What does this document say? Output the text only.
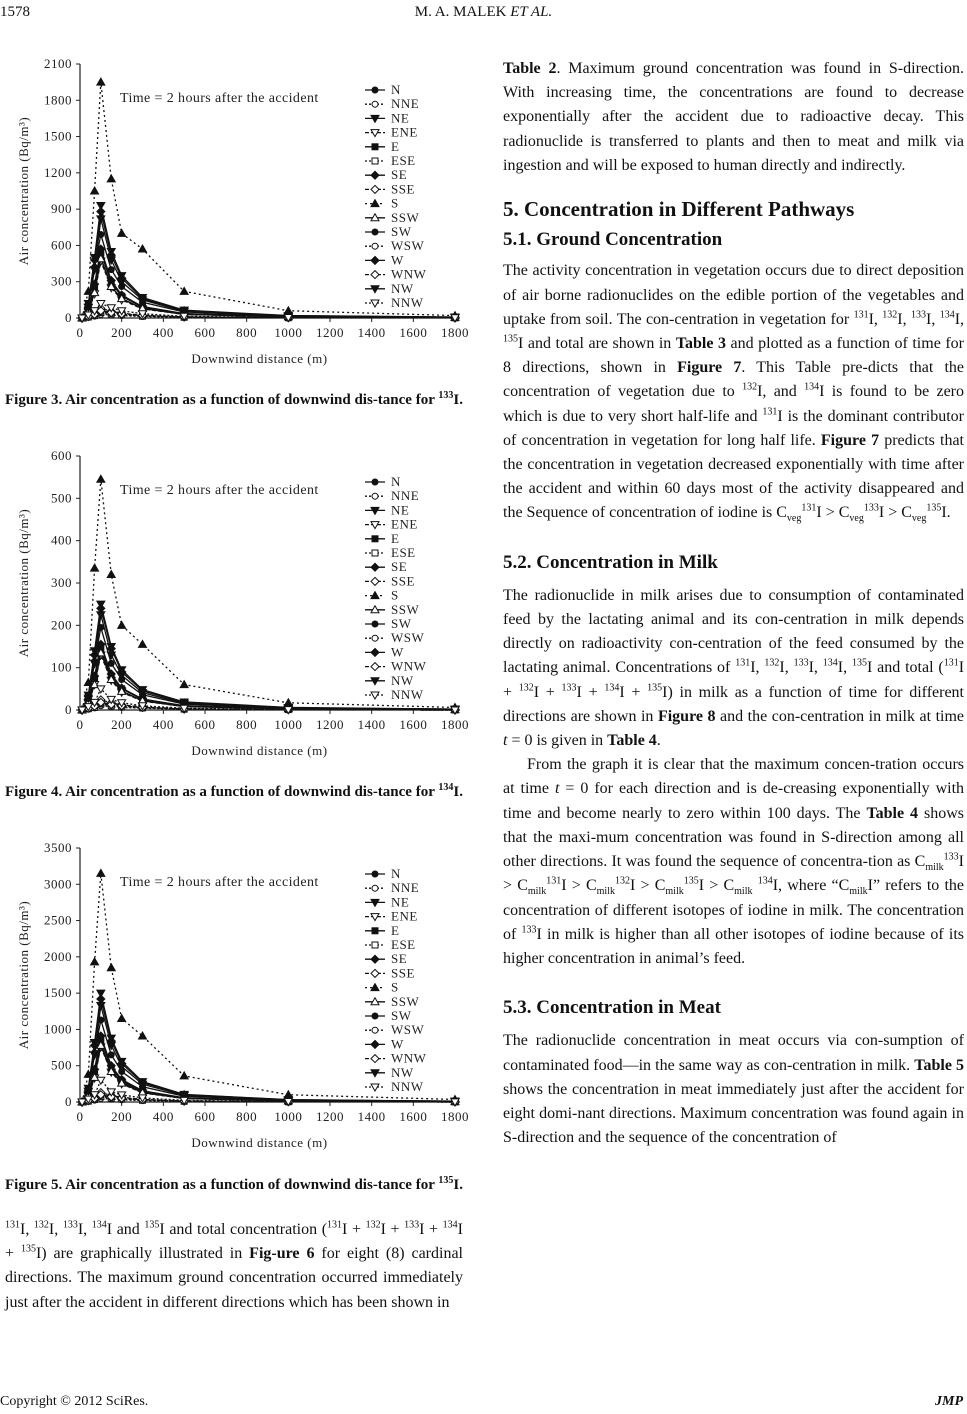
1578	M. A. MALEK ET AL.
0
300
600
900
1200
1500
1800
2100
0 200 400 600 800 1000 1200 1400 1600 1800
Downwind distance (m)
Air concentration (Bq/m³)
Time = 2 hours after the accident
N
NNE
NE
ENE
E
ESE
SE
SSE
S
SSW
SW
WSW
W
WNW
NW
NNW
Figure 3. Air concentration as a function of downwind dis-tance for $^{133}$I.
0
100
200
300
400
500
600
0 200 400 600 800 1000 1200 1400 1600 1800
Downwind distance (m)
Air concentration (Bq/m³)
Time = 2 hours after the accident
N
NNE
NE
ENE
E
ESE
SE
SSE
S
SSW
SW
WSW
W
WNW
NW
NNW
Figure 4. Air concentration as a function of downwind dis-tance for $^{134}$I.
0
500
1000
1500
2000
2500
3000
3500
0 200 400 600 800 1000 1200 1400 1600 1800
Downwind distance (m)
Air concentration (Bq/m³)
Time = 2 hours after the accident
N
NNE
NE
ENE
E
ESE
SE
SSE
S
SSW
SW
WSW
W
WNW
NW
NNW
Figure 5. Air concentration as a function of downwind dis-tance for $^{135}$I.

$^{131}$I, $^{132}$I, $^{133}$I, $^{134}$I and $^{135}$I and total concentration ($^{131}$I + $^{132}$I + $^{133}$I + $^{134}$I + $^{135}$I) are graphically illustrated in Fig-ure 6 for eight (8) cardinal directions. The maximum ground concentration occurred immediately just after the accident in different directions which has been shown in

Table 2. Maximum ground concentration was found in S-direction. With increasing time, the concentrations are found to decrease exponentially after the accident due to radioactive decay. This radionuclide is transferred to plants and then to meat and milk via ingestion and will be exposed to human directly and indirectly.

5. Concentration in Different Pathways
5.1. Ground Concentration

The activity concentration in vegetation occurs due to direct deposition of air borne radionuclides on the edible portion of the vegetables and uptake from soil. The con-centration in vegetation for $^{131}$I, $^{132}$I, $^{133}$I, $^{134}$I, $^{135}$I and total are shown in Table 3 and plotted as a function of time for 8 directions, shown in Figure 7. This Table pre-dicts that the concentration of vegetation due to $^{132}$I, and $^{134}$I is found to be zero which is due to very short half-life and $^{131}$I is the dominant contributor of concentration in vegetation for long half life. Figure 7 predicts that the concentration in vegetation decreased exponentially with time after the accident and within 60 days most of the activity disappeared and the Sequence of concentration of iodine is $C_{veg}^{131}I > C_{veg}^{133}I > C_{veg}^{135}I$.

5.2. Concentration in Milk

The radionuclide in milk arises due to consumption of contaminated feed by the lactating animal and its con-centration in milk depends directly on radioactivity con-centration of the feed consumed by the lactating animal. Concentrations of $^{131}$I, $^{132}$I, $^{133}$I, $^{134}$I, $^{135}$I and total ($^{131}$I + $^{132}$I + $^{133}$I + $^{134}$I + $^{135}$I) in milk as a function of time for different directions are shown in Figure 8 and the con-centration in milk at time t = 0 is given in Table 4.

From the graph it is clear that the maximum concen-tration occurs at time t = 0 for each direction and is de-creasing exponentially with time and become nearly to zero within 100 days. The Table 4 shows that the maxi-mum concentration was found in S-direction among all other directions. It was found the sequence of concentra-tion as $C_{milk}^{133}I > C_{milk}^{131}I > C_{milk}^{132}I > C_{milk}^{135}I > C_{milk}$ $^{134}$I, where “$C_{milk}I$” refers to the concentration of different isotopes of iodine in milk. The concentration of $^{133}$I in milk is higher than all other isotopes of iodine because of its higher concentration in animal’s feed.

5.3. Concentration in Meat

The radionuclide concentration in meat occurs via con-sumption of contaminated food—in the same way as con-centration in milk. Table 5 shows the concentration in meat immediately just after the accident for eight domi-nant directions. Maximum concentration was found again in S-direction and the sequence of the concentration of

Copyright © 2012 SciRes.	JMP
